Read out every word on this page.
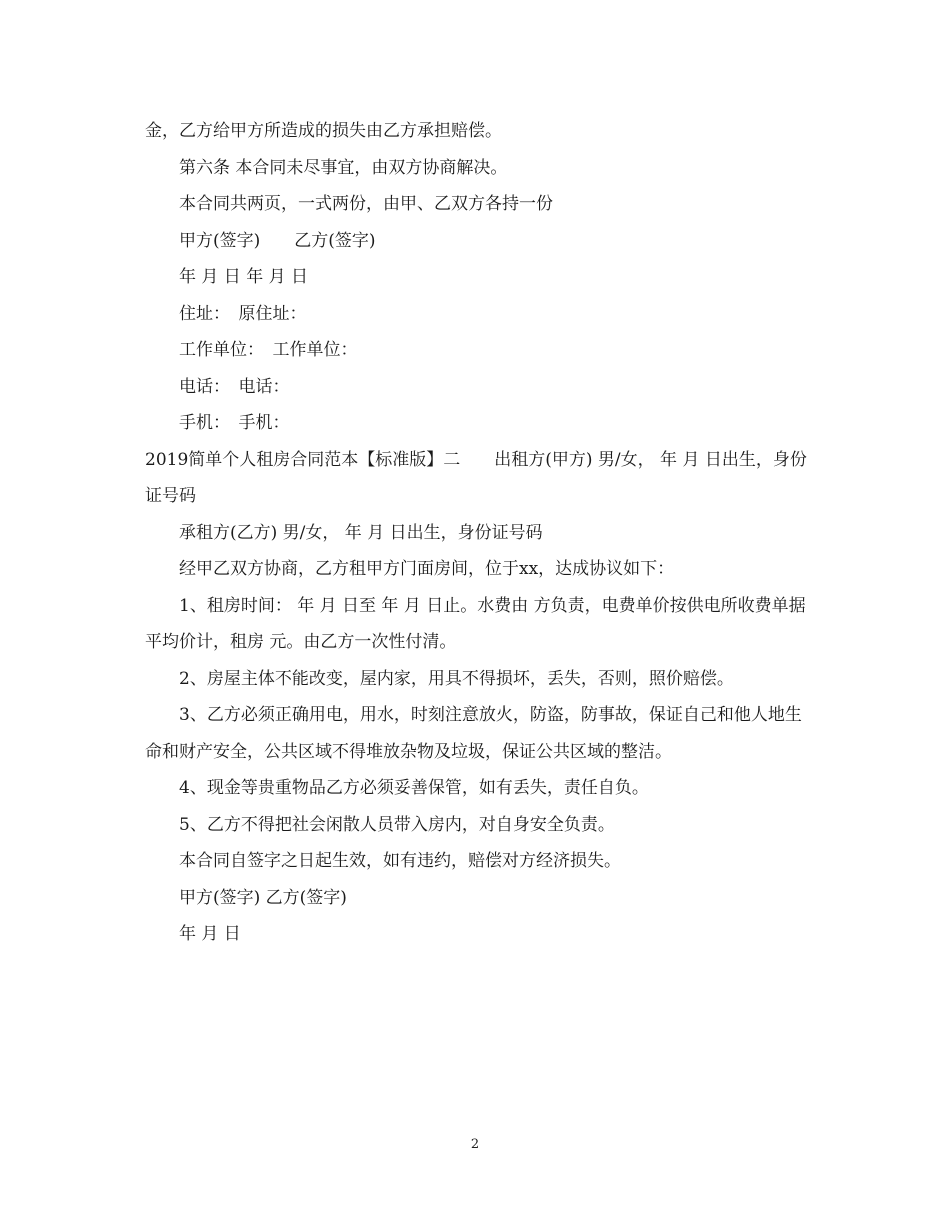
金，乙方给甲方所造成的损失由乙方承担赔偿。

第六条 本合同未尽事宜，由双方协商解决。

本合同共两页，一式两份，由甲、乙双方各持一份

甲方(签字)　　乙方(签字)

年 月 日 年 月 日

住址：　原住址：

工作单位：　工作单位：

电话：　电话：

手机：　手机：

2019简单个人租房合同范本【标准版】二　　出租方(甲方) 男/女， 年 月 日出生，身份证号码

承租方(乙方) 男/女， 年 月 日出生，身份证号码

经甲乙双方协商，乙方租甲方门面房间，位于xx，达成协议如下：

1、租房时间： 年 月 日至 年 月 日止。水费由 方负责，电费单价按供电所收费单据平均价计，租房 元。由乙方一次性付清。

2、房屋主体不能改变，屋内家，用具不得损坏，丢失，否则，照价赔偿。

3、乙方必须正确用电，用水，时刻注意放火，防盗，防事故，保证自己和他人地生命和财产安全，公共区域不得堆放杂物及垃圾，保证公共区域的整洁。

4、现金等贵重物品乙方必须妥善保管，如有丢失，责任自负。

5、乙方不得把社会闲散人员带入房内，对自身安全负责。

本合同自签字之日起生效，如有违约，赔偿对方经济损失。

甲方(签字) 乙方(签字)

年 月 日

2
